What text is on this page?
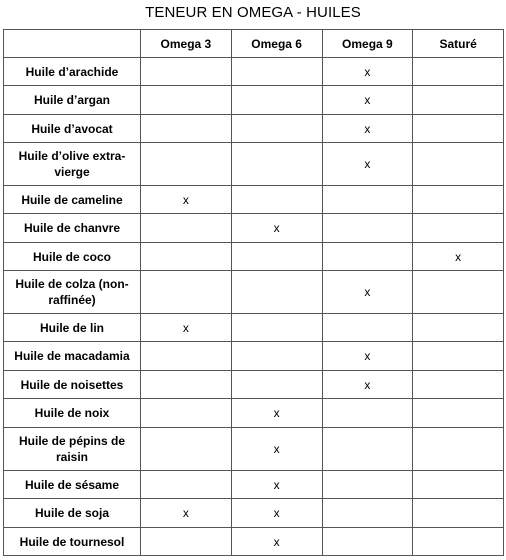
TENEUR EN OMEGA - HUILES
	Omega 3	Omega 6	Omega 9	Saturé
Huile d’arachide			x	
Huile d’argan			x	
Huile d’avocat			x	
Huile d’olive extra-vierge			x	
Huile de cameline	x			
Huile de chanvre		x		
Huile de coco				x
Huile de colza (non-raffinée)			x	
Huile de lin	x			
Huile de macadamia			x	
Huile de noisettes			x	
Huile de noix		x		
Huile de pépins de raisin		x		
Huile de sésame		x		
Huile de soja	x	x		
Huile de tournesol		x		
